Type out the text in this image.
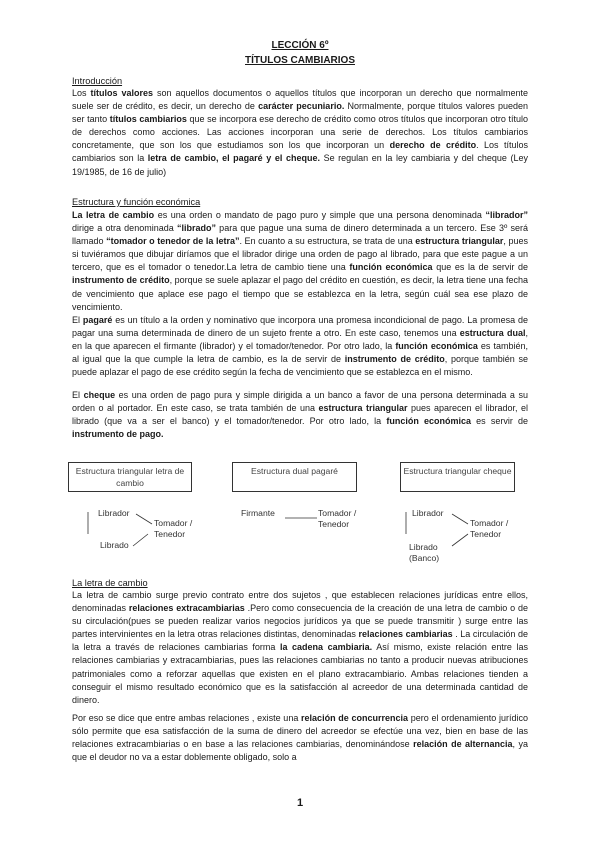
LECCIÓN 6º
TÍTULOS CAMBIARIOS
Introducción

Los títulos valores son aquellos documentos o aquellos títulos que incorporan un derecho que normalmente suele ser de crédito, es decir, un derecho de carácter pecuniario. Normalmente, porque títulos valores pueden ser tanto títulos cambiarios que se incorpora ese derecho de crédito como otros títulos que incorporan otro título de derechos como acciones. Las acciones incorporan una serie de derechos. Los títulos cambiarios concretamente, que son los que estudiamos son los que incorporan un derecho de crédito. Los títulos cambiarios son la letra de cambio, el pagaré y el cheque. Se regulan en la ley cambiaria y del cheque (Ley 19/1985, de 16 de julio)

Estructura y función económica

La letra de cambio es una orden o mandato de pago puro y simple que una persona denominada “librador” dirige a otra denominada “librado” para que pague una suma de dinero determinada a un tercero. Ese 3º será llamado “tomador o tenedor de la letra”. En cuanto a su estructura, se trata de una estructura triangular, pues si tuviéramos que dibujar diríamos que el librador dirige una orden de pago al librado, para que este pague a un tercero, que es el tomador o tenedor.La letra de cambio tiene una función económica que es la de servir de instrumento de crédito, porque se suele aplazar el pago del crédito en cuestión, es decir, la letra tiene una fecha de vencimiento que aplace ese pago el tiempo que se establezca en la letra, según cuál sea ese plazo de vencimiento.

El pagaré es un título a la orden y nominativo que incorpora una promesa incondicional de pago. La promesa de pagar una suma determinada de dinero de un sujeto frente a otro. En este caso, tenemos una estructura dual, en la que aparecen el firmante (librador) y el tomador/tenedor. Por otro lado, la función económica es también, al igual que la que cumple la letra de cambio, es la de servir de instrumento de crédito, porque también se puede aplazar el pago de ese crédito según la fecha de vencimiento que se establezca en el mismo.

El cheque es una orden de pago pura y simple dirigida a un banco a favor de una persona determinada a su orden o al portador. En este caso, se trata también de una estructura triangular pues aparecen el librador, el librado (que va a ser el banco) y el tomador/tenedor. Por otro lado, la función económica es servir de instrumento de pago.

Estructura triangular letra de cambio
Estructura dual pagaré	Estructura triangular cheque
Librador
Tomador / Tenedor
Librado
Firmante	Tomador / Tenedor
Librador
Tomador / Tenedor
Librado (Banco)
La letra de cambio

La letra de cambio surge previo contrato entre dos sujetos , que establecen relaciones jurídicas entre ellos, denominadas relaciones extracambiarias .Pero como consecuencia de la creación de una letra de cambio o de su circulación(pues se pueden realizar varios negocios jurídicos ya que se puede transmitir ) surge entre las partes intervinientes en la letra otras relaciones distintas, denominadas relaciones cambiarias . La circulación de la letra a través de relaciones cambiarias forma la cadena cambiaria. Así mismo, existe relación entre las relaciones cambiarias y extracambiarias, pues las relaciones cambiarias no tanto a producir nuevas atribuciones patrimoniales como a reforzar aquellas que existen en el plano extracambiario. Ambas relaciones tienden a conseguir el mismo resultado económico que es la satisfacción al acreedor de una determinada cantidad de dinero.

Por eso se dice que entre ambas relaciones , existe una relación de concurrencia pero el ordenamiento jurídico sólo permite que esa satisfacción de la suma de dinero del acreedor se efectúe una vez, bien en base de las relaciones extracambiarias o en base a las relaciones cambiarias, denominándose relación de alternancia, ya que el deudor no va a estar doblemente obligado, solo a

1
